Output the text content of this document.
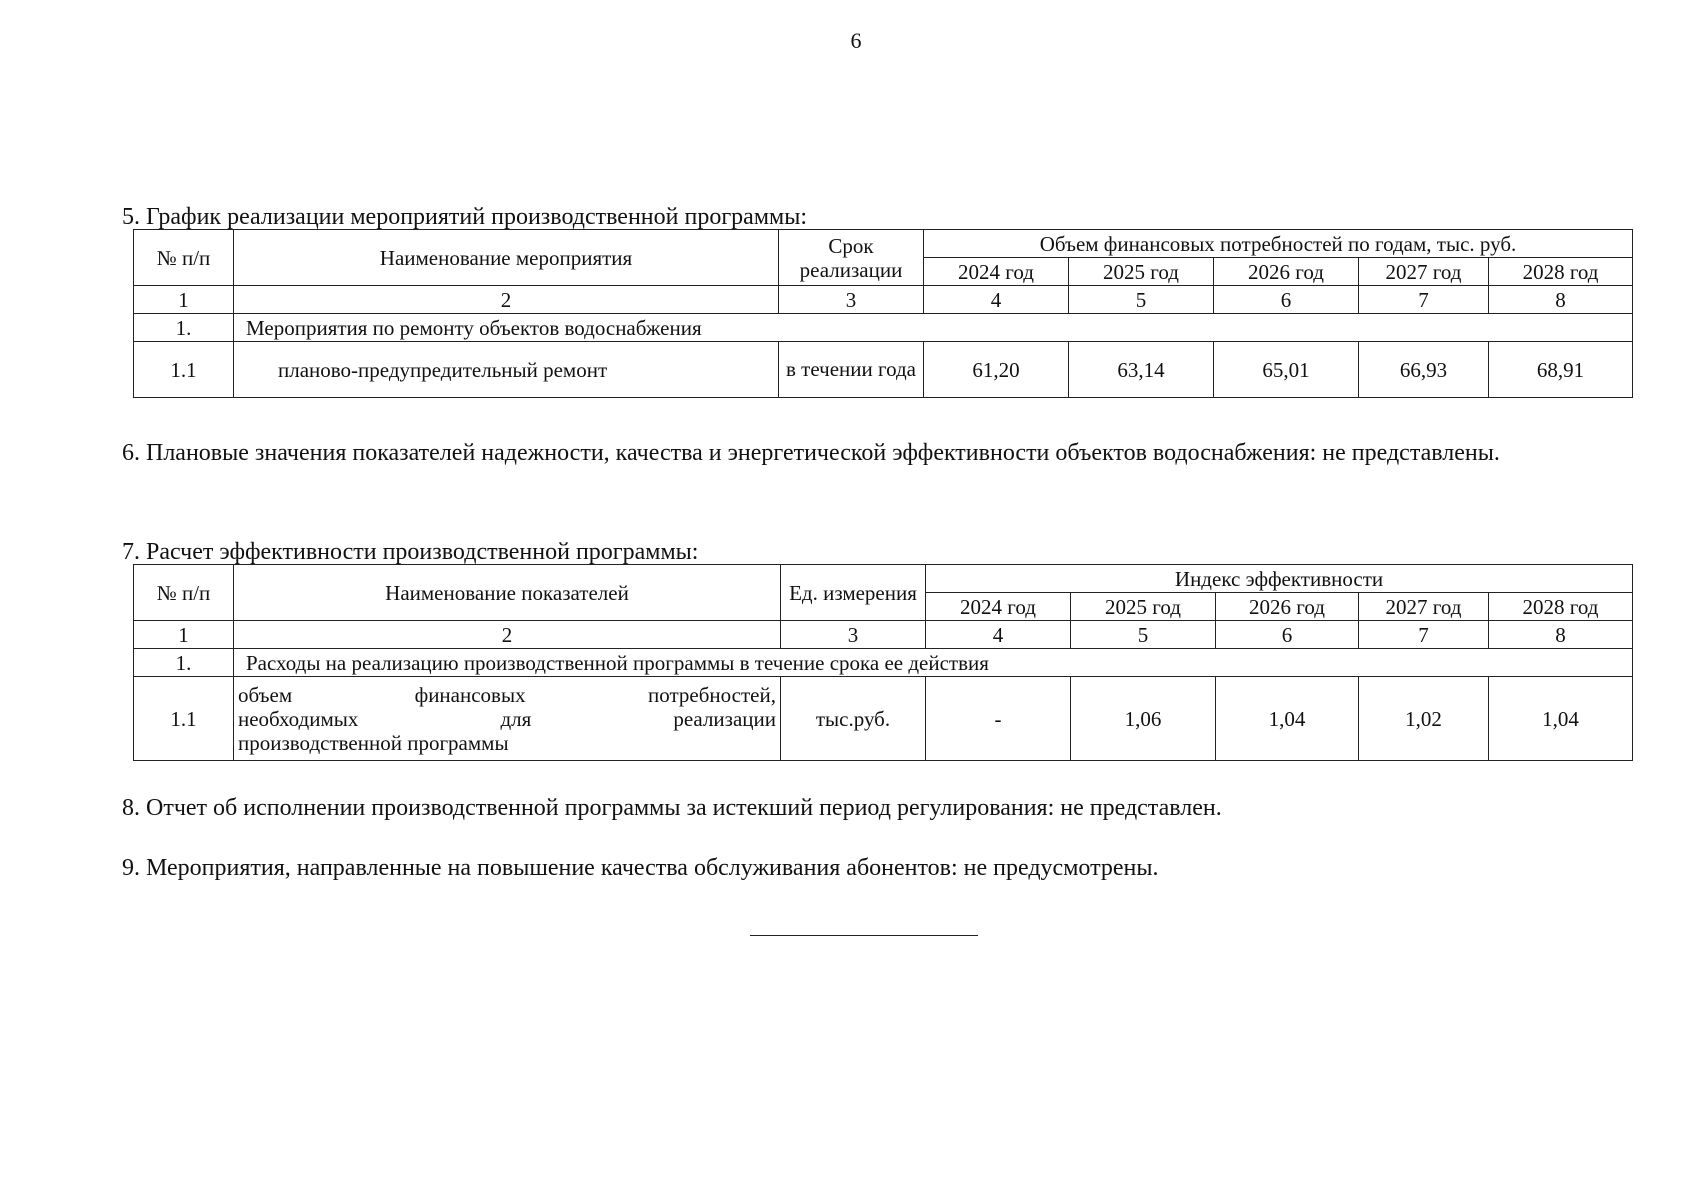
6
5. График реализации мероприятий производственной программы:
№ п/п	Наименование мероприятия	Срок реализации	Объем финансовых потребностей по годам, тыс. руб.				
			2024 год	2025 год	2026 год	2027 год	2028 год
1	2	3	4	5	6	7	8
1.	Мероприятия по ремонту объектов водоснабжения						
1.1	планово-предупредительный ремонт	в течении года	61,20	63,14	65,01	66,93	68,91
6. Плановые значения показателей надежности, качества и энергетической эффективности объектов водоснабжения: не представлены.
7. Расчет эффективности производственной программы:
№ п/п	Наименование показателей	Ед. измерения	Индекс эффективности				
			2024 год	2025 год	2026 год	2027 год	2028 год
1	2	3	4	5	6	7	8
1.	Расходы на реализацию производственной программы в течение срока ее действия						
1.1	объем финансовых потребностей,
необходимых для реализации
производственной программы	тыс.руб.	-	1,06	1,04	1,02	1,04
8. Отчет об исполнении производственной программы за истекший период регулирования: не представлен.
9. Мероприятия, направленные на повышение качества обслуживания абонентов: не предусмотрены.
